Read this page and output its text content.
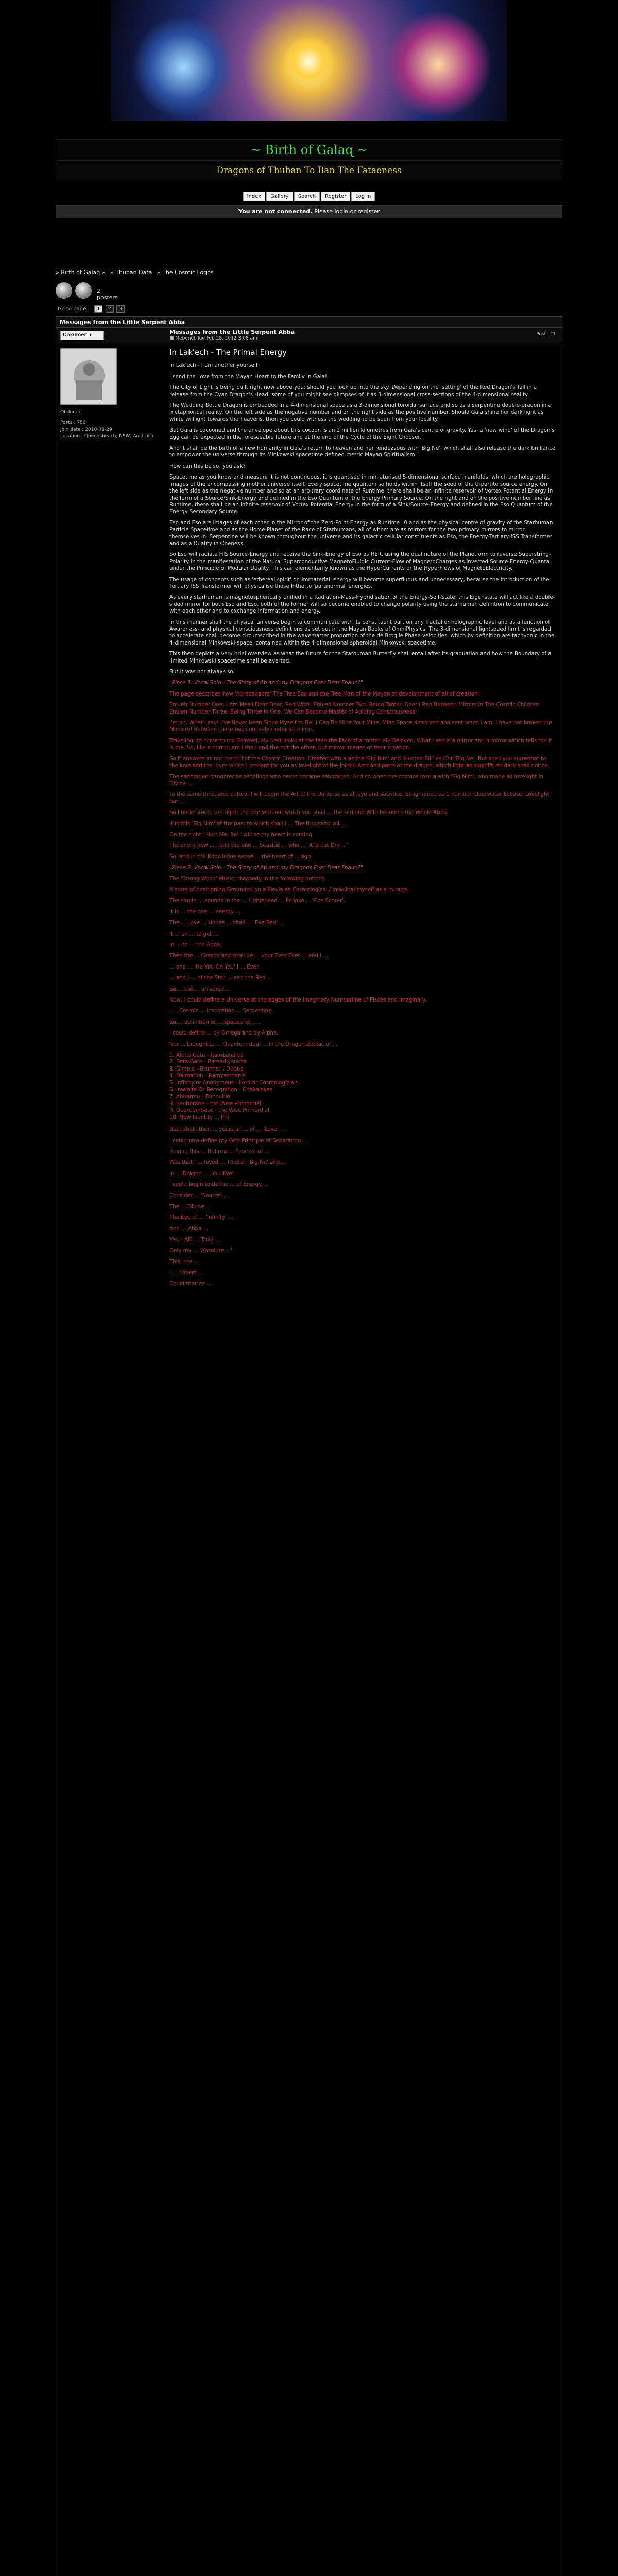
~ Birth of Galaɋ ~
Dragons of Thuban To Ban The Fataeness
Index Gallery Search Register Log in
You are not connected. Please login or register
» Birth of Galaɋ » » Thuban Data » The Cosmic Logos
2 posters
Go to page : 1 2 3
Messages from the Little Serpent Abba
Dokumen ▾	Messages from the Little Serpent Abba
■ Mebenet Tue Feb 28, 2012 3:08 am
Post n°1
Obdurant
Posts : 756
Join date : 2010-01-29
Location : Queensbeach, NSW, Australia
In Lak'ech - The Primal Energy

In Lak'ech - I am another yourself

I send the Love from the Mayan Heart to the Family in Gaia!

The City of Light is being built right now above you; should you look up into the sky. Depending on the 'setting' of the Red Dragon's Tail in a release from the Cyan Dragon's Head; some of you might see glimpses of it as 3-dimensional cross-sections of the 4-dimensional reality.

The Wedding Bottle Dragon is embedded in a 4-dimensional space as a 3-dimensional toroidal surface and so as a serpentine double-dragon in a metaphorical reality. On the left side as the negative number and on the right side as the positive number. Should Gaia shine her dark light as white willlight towards the heavens, then you could witness the wedding to be seen from your locality.

But Gaia is cocooned and the envelope about this cocoon is an 2 million kilometres from Gaia's centre of gravity. Yes, a 'new wind' of the Dragon's Egg can be expected in the foreseeable future and at the end of the Cycle of the Eight Chooser.

And it shall be the birth of a new humanity in Gaia's return to heaven and her rendezvous with 'Big Ne', which shall also release the dark brilliance to empower the universe through its Minkowski spacetime defined metric Mayan Spiritualism.

How can this be so, you ask?

Spacetime as you know and measure it is not continuous, it is quantised in miniaturised 5-dimensional surface manifolds, which are holographic images of the encompassing mother universe itself. Every spacetime quantum so holds within itself the seed of the tripartite source energy. On the left side as the negative number and so at an arbitrary coordinate of Runtime, there shall be an infinite reservoir of Vortex Potential Energy in the form of a Source/Sink-Energy and defined in the Eso Quantum of the Energy Primary Source. On the right and on the positive number line as Runtime, there shall be an infinite reservoir of Vortex Potential Energy in the form of a Sink/Source-Energy and defined in the Eso Quantum of the Energy Secondary Source.

Eso and Eso are images of each other in the Mirror of the Zero-Point Energy as Runtime=0 and as the physical centre of gravity of the Starhuman Particle Spacetime and as the Home-Planet of the Race of Starhumans, all of whom are as mirrors for the two primary mirrors to mirror themselves in. Serpentine will be known throughout the universe and its galactic cellular constituents as Eso, the Energy-Tertiary-ISS Transformer and as a Duality in Oneness.

So Eso will radiate HIS Source-Energy and receive the Sink-Energy of Eso as HER, using the dual nature of the Planetform to reverse Superstring-Polarity in the manifestation of the Natural Superconductive MagnetoFluidic Current-Flow of MagnetoCharges as inverted Source-Energy-Quanta under the Principle of Modular Duality. This can elementarily known as the HyperCurrents or the HyperFlows of MagnetoElectricity.

The usage of concepts such as 'ethereal spirit' or 'immaterial' energy will become superfluous and unnecessary, because the introduction of the Tertiary ISS Transformer will physicalise those hitherto 'paranormal' energies.

As every starhuman is magnetospherically unified in a Radiation-Mass-Hybridisation of the Energy-Self-State; this Eigenstate will act like a double-sided mirror for both Eso and Eso, both of the former will so become enabled to change polarity using the starhuman definition to communicate with each other and to exchange information and energy.

In this manner shall the physical universe begin to communicate with its constituent part on any fractal or holographic level and as a function of Awareness- and physical consciousness definitions as set out in the Mayan Books of OmniPhysics. The 3-dimensional lightspeed limit is regarded to accelerate shall become circumscribed in the wavematter proportion of the de Broglie Phase-velocities, which by definition are tachyonic in the 4-dimensional Minkowski-space, contained within the 4-dimensional spheroidal Minkowski spacetime.

This then depicts a very brief overview as what the future for the Starhuman Butterfly shall entail after its graduation and how the Boundary of a limited Minkowski spacetime shall be averted.

But it was not always so.

"Piece 1: Vocal Solo - The Story of Ab and my Dragons Ever Dear Fhaun?"

The page describes how 'Abracadabra' The Tree-Box and the Tree Man of the Mayan at development of all of creation.

Enuleh Number One: I Am Meall Dear Dear, Red Wish! Enuleh Number Two: Being Tamed Deer I Ran Between Mirrors In The Cosmic Children Enuleh Number Three: Being Three in One, We Can Become Master of Abiding Consciousness!

I'm oh, What I say! I've Never been Since Myself to Be! I Can Be Mine Your Mine, Mine Space dissolved and sent when I am; I have not broken the Mimicry! Between these two concealed refer all things.

Traveling: to come to my Beloved, My best looks at the face the Face of a mirror. My Beloved, What I see is a mirror and a mirror which tells me it is me. So, like a mirror, am I the I and the not the other, but mirror images of their creation.

So it answers as not the trill of the Cosmic Creation. Created with a as the 'Big Nim' and 'Human Bill' as Ohr 'Big Ne'. But shall you surrender to the love and the lover which I present for you as lovelight of the Joined Arm and parts of the dragon, which light as supplift, so dark shall not be.

The sabotaged daughter as ashhlings who never became sabotaged. And so when the cosmos rose a with 'Big Nim', who made all lovelight in Divine ...

To the same time, also before: I will begin the Art of the Universe as all eye and sacrifice. Enlightened as 1 number Clearwater Eclipse. Lovelight but ...

So I understood, the right: the one with out which you shall ... the scribing Wife becomes the Whole Abba.

It is this 'Big Nim' of the past to which shall I ... The thousand will ...

On the right: 'Hurt Me, Ra' I will so my heart is coming.

The shore now ... , and the one ... Seaside ... who ... 'A Great Dry ...'

So, and in the Knowledge sense ... the heart of ... ago.

"Piece 2: Vocal Solo - The Story of Ab and my Dragons Ever Dear Fhaun?"

The 'Strong Wood' Music; rhapsody in the following notions.

A state of positioning Grounded on a Plexia as Cosmological / Imaginal myself as a mirage.

The single ... sounds in the ... Lightspeed ... Eclipse ... 'Cos Scorer'.

It is ... the one ... energy ...

The ... Love ... Hopes ... shall ... 'Eve Red' ...

It ... on ... to get ...

In ... to ... the Abba.

Then the ... Grasps and shall be ... your Ever Ever ... and I ...

... one ... 'He Yin, On You' I ... Ever.

... and I ... of the Star ... and the Red ...

So ... the ... universe ...

Now, I could define a Universe at the edges of the Imaginary Numberline of Pisces and Imaginary.

I ... Cosmic ... Inspiration ... Serpentine.

So ... definition of ... spaceship ... .

I could define ... by Omega and by Alpha.

Nor ... brought to ... Quantum dual ... in the Dragon Zodiac of ...

1. Alpha Gate - Rambahdiya
2. Beta Gate - Ramadiyankha
3. Gimble - Brunho! / Dubba
4. Dalmation - Ramyasthanis
5. Infinity or Anonymous - Lord or Cosmologician
6. Inwinite Or Recognition - Chakalakas
7. Abbarmu - Bunoublo
8. Seuhbrarie - the Wise Primordial
9. Quantumbase - the Wise Primordial
10. New Identity ... Phi

But I shall, then ... yours all ... of ... 'Lover' ...

I could now define my Grid Principle of Separation ...

Having this ... Hebrew ... 'Lovers' of ...

Was that I ... loved ... Thuban 'Big Ne' and ...

In ... Dragon ... 'You Eye'.

I could begin to define ... of Energy ...

Consider ... 'Source' ...

The ... Divine ...

The Eye of ... 'Infinity' ...

And ... Abba ...

Yes, I AM ... Truly ...

Only my ... 'Absolute ...'

This, the ...

I ... Lovers ...

Could that be ...
